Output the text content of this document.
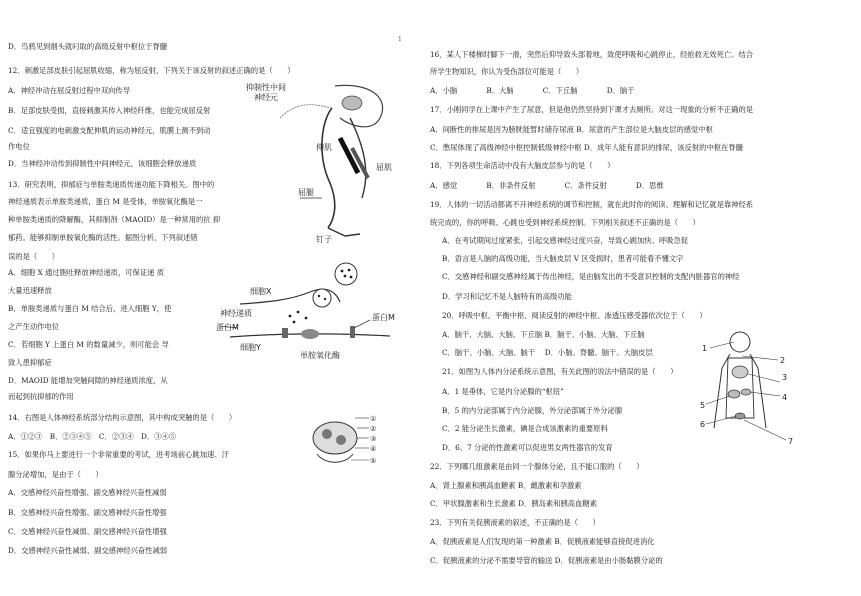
1
D．鸟鸦见到烟头就叼取的高级反射中枢位于脊髓
12．刺激足部皮肤引起屈肌收缩，称为屈反射，下列关于该反射的叙述正确的是（　　）
A．神经冲动在屈反射过程中双向传导
B．足部皮肤受损，直接刺激其传入神经纤维，也能完成屈反射
C．适宜强度的电刺激支配伸肌的运动神经元，肌膜上测不到动
作电位
D．当神经冲动传到抑制性中间神经元，该细胞会释放递质
13．研究表明，抑郁症与单胺类递质传递功能下降相关。图中的
神经递质表示单胺类递质，蛋白 M 是受体，单胺氧化酶是一
种单胺类递质的降解酶，其抑制剂（MAOID）是一种常用的抗 抑
郁药。能够抑制单胺氧化酶的活性。据图分析，下列叙述错
误的是（　　）
A．细胞 X 通过胞吐释放神经递质，可保证递 质
大量迅速释放
B．单胺类递质与蛋白 M 结合后，进入细胞 Y，使
之产生动作电位
C．若细胞 Y 上蛋白 M 的数量减少，则可能会 导
致人患抑郁症
D．MAOID 能增加突触间隙的神经递质浓度，从
而起到抗抑郁的作用
14．右图是人体神经系统部分结构示意图，其中构成突触的是（　　）
A．①②③　B．②③④⑤　C．②③④　D．③④⑤
15．如果你马上要进行一个非常重要的考试，进考场前心跳加速、汗
腺分泌增加，是由于（　　）
A．交感神经兴奋性增强、副交感神经兴奋性减弱
B．交感神经兴奋性增强、副交感神经兴奋性增强
C．交感神经兴奋性减弱、副交感神经兴奋性增强
D．交感神经兴奋性减弱、副交感神经兴奋性减弱
16．某人下楼梯时脚下一滑，突然后仰导致头部着地，致使呼吸和心跳停止，经抢救无效死亡。结合
所学生物知识，你认为受伤部位可能是（　　）
A．小脑　　　　B．大脑　　　　C．下丘脑　　　　D．脑干
17．小刚同学在上课中产生了尿意，但是他仍然坚持到下课才去厕所。对这一现象的分析不正确的是
A．间断性的排尿是因为膀胱能暂时储存尿液 B．尿意的产生部位是大脑皮层的感觉中枢
C．憋尿体现了高级神经中枢控制低级神经中枢 D．成年人能有意识的排尿，该反射的中枢在脊髓
18．下列各项生命活动中没有大脑皮层参与的是（　　）
A．感觉　　　　B．非条件反射　　　　C．条件反射　　　　D．思维
19．人体的一切活动都离不开神经系统的调节和控制，就在此时你的阅读、理解和记忆就是靠神经系
统完成的，你的呼吸、心跳也受到神经系统控制。下列相关叙述不正确的是（　　）
A．在考试期间过度紧张，引起交感神经过度兴奋，导致心跳加快、呼吸急促
B．语言是人脑的高级功能，当大脑皮层 V 区受损时，患者可能看不懂文字
C．交感神经和副交感神经属于传出神经，是由脑发出的不受意识控制的支配内脏器官的神经
D．学习和记忆不是人脑特有的高级功能
20．呼吸中枢、平衡中枢、阅读反射的神经中枢、渗透压感受器依次位于（　　）
A．脑干、大脑、大脑、下丘脑 B．脑干、小脑、大脑、下丘脑
C．脑干、小脑、大脑、脑干　 D．小脑、脊髓、脑干、大脑皮层
21．如图为人体内分泌系统示意图，有关此图的说法中错误的是（　　）
A．1 是垂体，它是内分泌腺的“枢纽”
B．5 的内分泌部属于内分泌腺，外分泌部属于外分泌腺
C．2 能分泌生长激素，碘是合成该激素的重要原料
D．6、7 分泌的性激素可以促进男女两性器官的发育
22．下列哪几组激素是由同一个腺体分泌，且不能口服的（　　）
A．肾上腺素和胰高血糖素 B．雌激素和孕激素
C．甲状腺激素和生长激素 D．胰岛素和胰高血糖素
23．下列有关促胰液素的叙述，不正确的是（　　）
A．促胰液素是人们发现的第一种激素 B．促胰液素能够直接促进消化
C．促胰液素的分泌不需要导管的输送 D．促胰液素是由小肠黏膜分泌的
抑制性中间
神经元
伸肌
屈肌
屈腿
钉子
细胞X
神经递质
蛋白M
细胞Y
单胺氧化酶
蛋白M
①
②
③
④
⑤
1
2
3
4
5
6
7
